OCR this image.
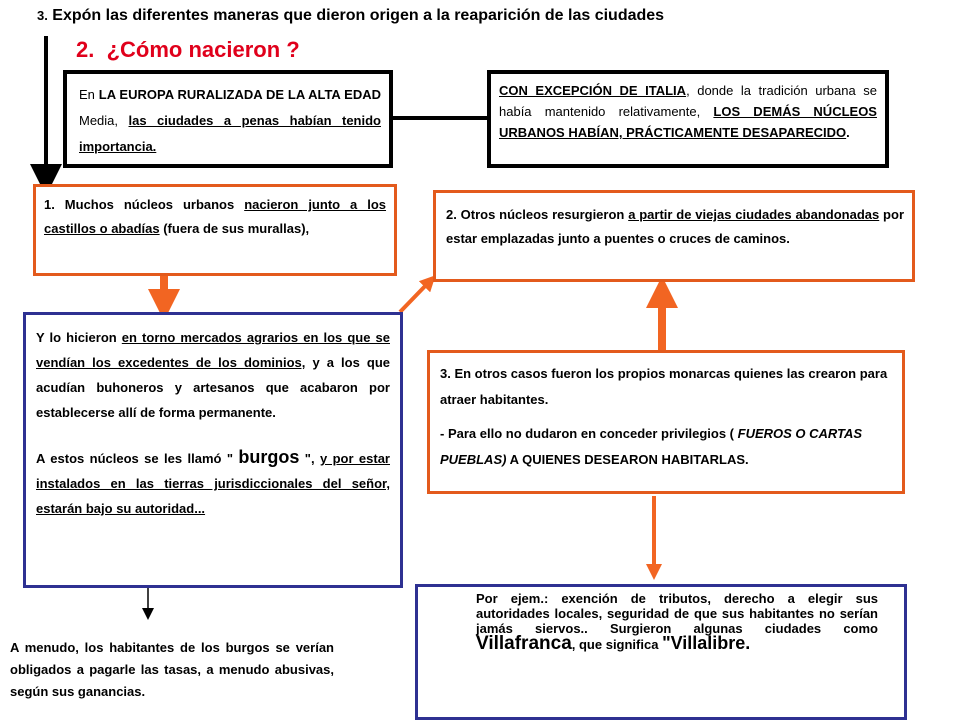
3. Expón las diferentes maneras que dieron origen a la reaparición de las ciudades
2.  ¿Cómo nacieron ?
En LA EUROPA RURALIZADA DE LA ALTA EDAD Media, las ciudades a penas habían tenido importancia.
CON EXCEPCIÓN DE ITALIA, donde la tradición urbana se había mantenido relativamente, LOS DEMÁS NÚCLEOS URBANOS HABÍAN, PRÁCTICAMENTE DESAPARECIDO.
1. Muchos núcleos urbanos nacieron junto a los castillos o abadías (fuera de sus murallas),
2. Otros núcleos resurgieron a partir de viejas ciudades abandonadas por estar emplazadas junto a puentes o cruces de caminos.
Y lo hicieron en torno mercados agrarios en los que se vendían los excedentes de los dominios, y a los que acudían buhoneros y artesanos que acabaron por establecerse allí de forma permanente.
A estos núcleos se les llamó " burgos ", y por estar instalados en las tierras jurisdiccionales del señor, estarán bajo su autoridad...
3. En otros casos fueron los propios monarcas quienes las crearon para atraer habitantes.
- Para ello no dudaron en conceder privilegios ( FUEROS O CARTAS PUEBLAS) A QUIENES DESEARON HABITARLAS.
A menudo, los habitantes de los burgos se verían obligados a pagarle las tasas, a menudo abusivas, según sus ganancias.
Por ejem.: exención de tributos, derecho a elegir sus autoridades locales, seguridad de que sus habitantes no serían jamás siervos.. Surgieron algunas ciudades como Villafranca, que significa "Villalibre.
